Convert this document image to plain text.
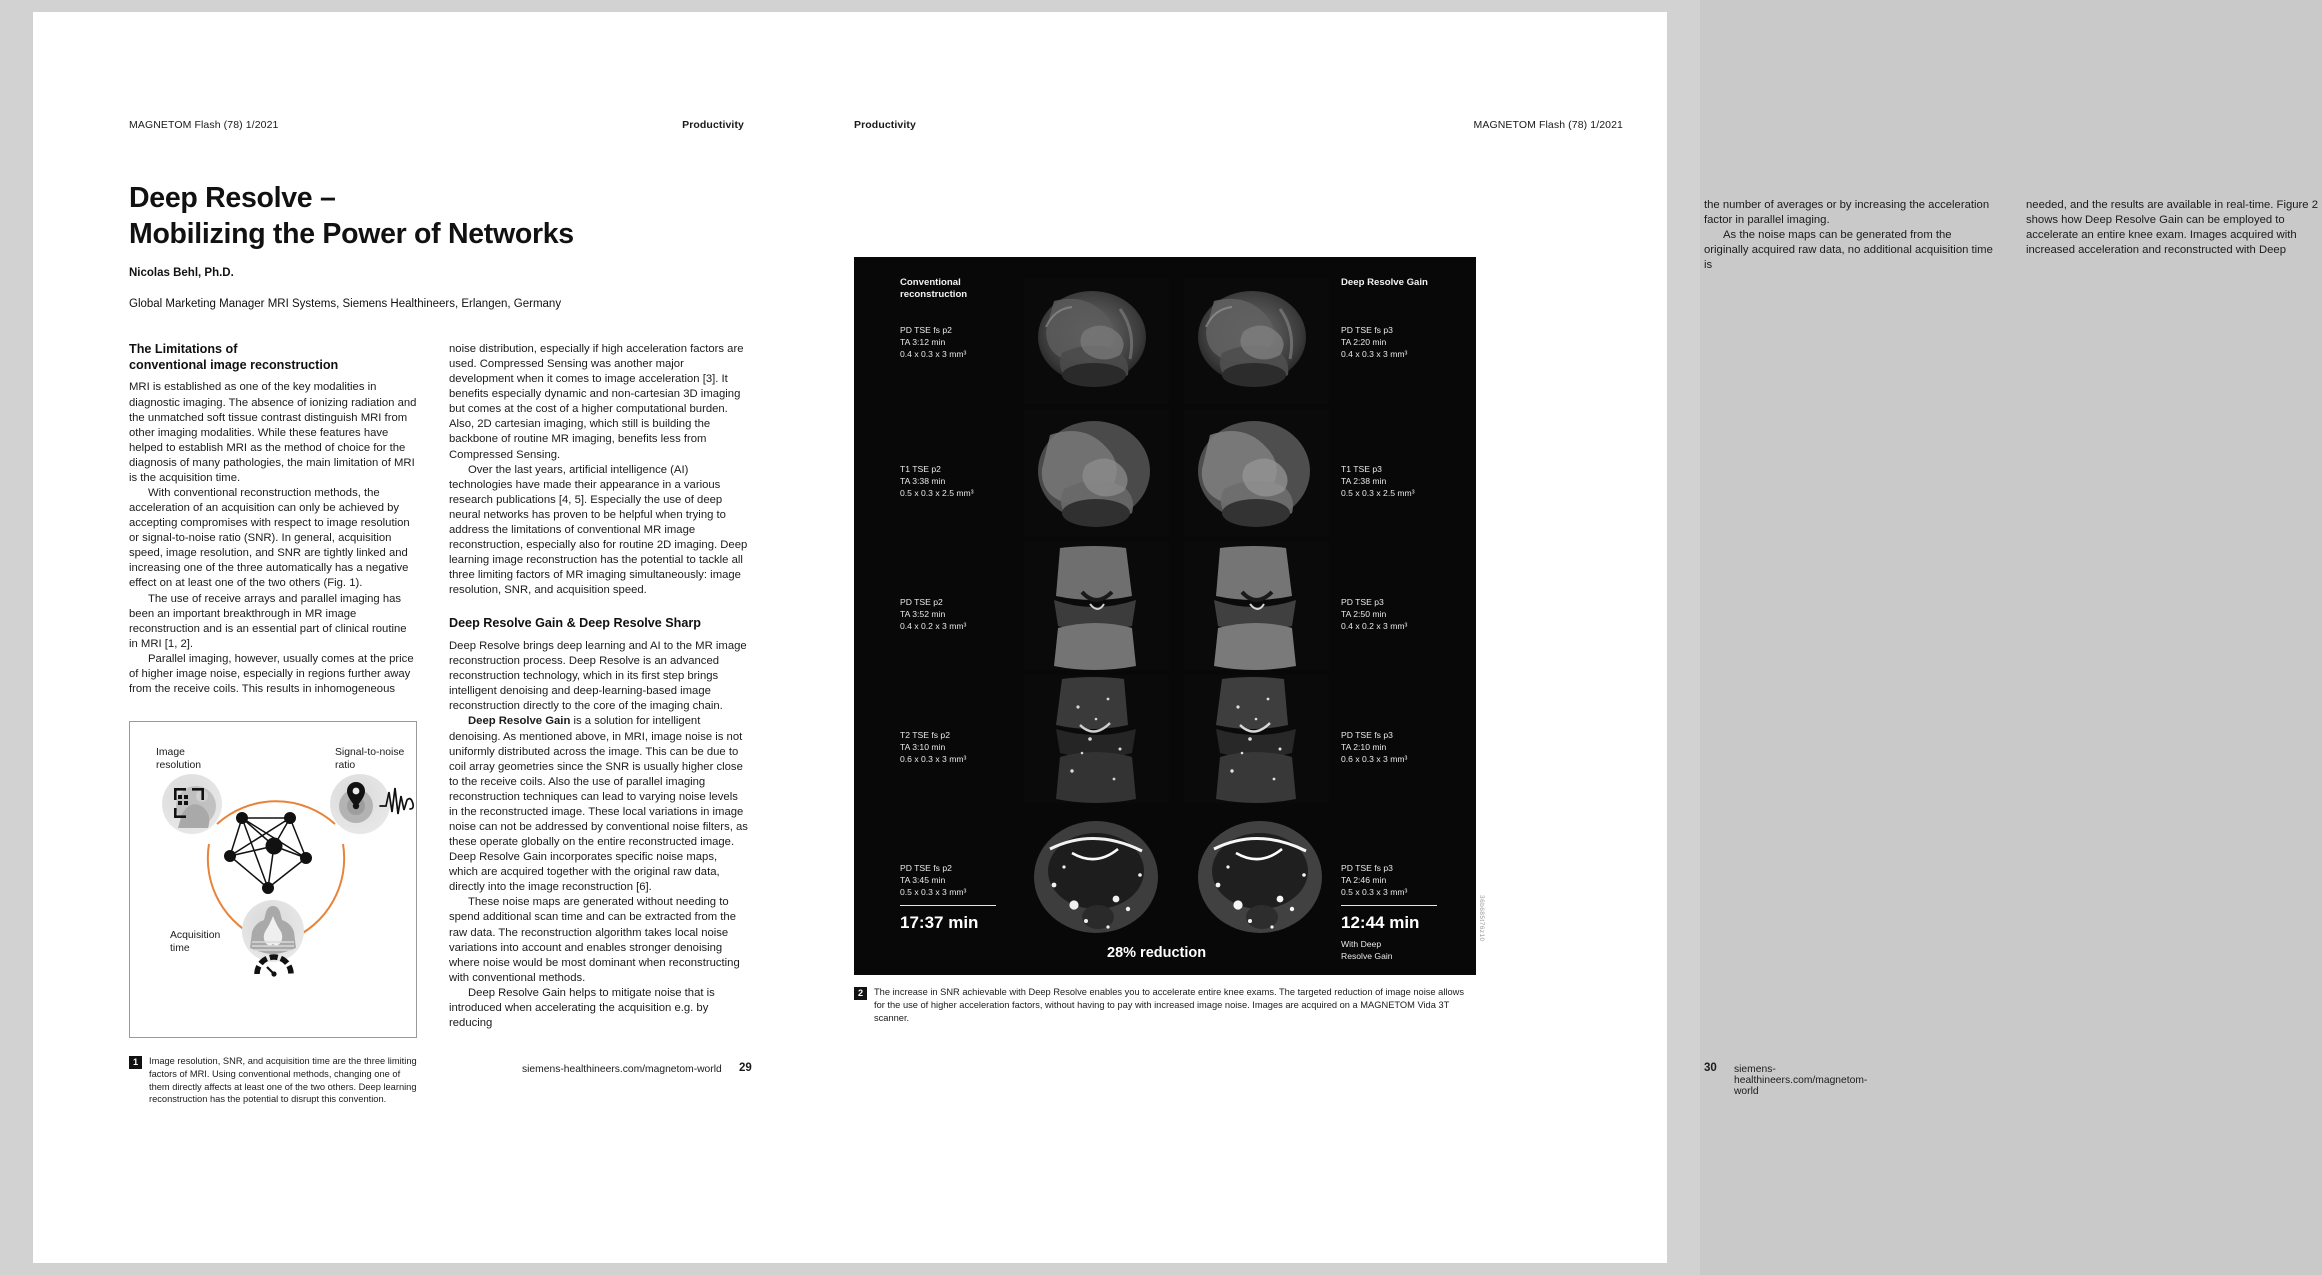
MAGNETOM Flash (78) 1/2021	Productivity
Deep Resolve –
Mobilizing the Power of Networks
Nicolas Behl, Ph.D.
Global Marketing Manager MRI Systems, Siemens Healthineers, Erlangen, Germany
The Limitations of
conventional image reconstruction

MRI is established as one of the key modalities in diagnostic imaging. The absence of ionizing radiation and the unmatched soft tissue contrast distinguish MRI from other imaging modalities. While these features have helped to establish MRI as the method of choice for the diagnosis of many pathologies, the main limitation of MRI is the acquisition time.

With conventional reconstruction methods, the acceleration of an acquisition can only be achieved by accepting compromises with respect to image resolution or signal-to-noise ratio (SNR). In general, acquisition speed, image resolution, and SNR are tightly linked and increasing one of the three automatically has a negative effect on at least one of the two others (Fig. 1).

The use of receive arrays and parallel imaging has been an important breakthrough in MR image reconstruction and is an essential part of clinical routine in MRI [1, 2].

Parallel imaging, however, usually comes at the price of higher image noise, especially in regions further away from the receive coils. This results in inhomogeneous

noise distribution, especially if high acceleration factors are used. Compressed Sensing was another major development when it comes to image acceleration [3]. It benefits especially dynamic and non-cartesian 3D imaging but comes at the cost of a higher computational burden. Also, 2D cartesian imaging, which still is building the backbone of routine MR imaging, benefits less from Compressed Sensing.

Over the last years, artificial intelligence (AI) technologies have made their appearance in a various research publications [4, 5]. Especially the use of deep neural networks has proven to be helpful when trying to address the limitations of conventional MR image reconstruction, especially also for routine 2D imaging. Deep learning image reconstruction has the potential to tackle all three limiting factors of MR imaging simultaneously: image resolution, SNR, and acquisition speed.

Deep Resolve Gain & Deep Resolve Sharp

Deep Resolve brings deep learning and AI to the MR image reconstruction process. Deep Resolve is an advanced reconstruction technology, which in its first step brings intelligent denoising and deep-learning-based image reconstruction directly to the core of the imaging chain.

Deep Resolve Gain is a solution for intelligent denoising. As mentioned above, in MRI, image noise is not uniformly distributed across the image. This can be due to coil array geometries since the SNR is usually higher close to the receive coils. Also the use of parallel imaging reconstruction techniques can lead to varying noise levels in the reconstructed image. These local variations in image noise can not be addressed by conventional noise filters, as these operate globally on the entire reconstructed image. Deep Resolve Gain incorporates specific noise maps, which are acquired together with the original raw data, directly into the image reconstruction [6].

These noise maps are generated without needing to spend additional scan time and can be extracted from the raw data. The reconstruction algorithm takes local noise variations into account and enables stronger denoising where noise would be most dominant when reconstructing with conventional methods.

Deep Resolve Gain helps to mitigate noise that is introduced when accelerating the acquisition e.g. by reducing

Image
resolution
Signal-to-noise
ratio
Acquisition
time
1	Image resolution, SNR, and acquisition time are the three limiting factors of MRI. Using conventional methods, changing one of them directly affects at least one of the two others. Deep learning reconstruction has the potential to disrupt this convention.
siemens-healthineers.com/magnetom-world 29
Productivity	MAGNETOM Flash (78) 1/2021

the number of averages or by increasing the acceleration factor in parallel imaging.

As the noise maps can be generated from the originally acquired raw data, no additional acquisition time is

needed, and the results are available in real-time. Figure 2 shows how Deep Resolve Gain can be employed to accelerate an entire knee exam. Images acquired with increased acceleration and reconstructed with Deep

30 siemens-healthineers.com/magnetom-world
Conventional
reconstruction
Deep Resolve Gain
PD TSE fs p2
TA 3:12 min
0.4 x 0.3 x 3 mm³
PD TSE fs p3
TA 2:20 min
0.4 x 0.3 x 3 mm³
T1 TSE p2
TA 3:38 min
0.5 x 0.3 x 2.5 mm³
T1 TSE p3
TA 2:38 min
0.5 x 0.3 x 2.5 mm³
PD TSE p2
TA 3:52 min
0.4 x 0.2 x 3 mm³
PD TSE p3
TA 2:50 min
0.4 x 0.2 x 3 mm³
T2 TSE fs p2
TA 3:10 min
0.6 x 0.3 x 3 mm³
PD TSE fs p3
TA 2:10 min
0.6 x 0.3 x 3 mm³
PD TSE fs p2
TA 3:45 min
0.5 x 0.3 x 3 mm³
PD TSE fs p3
TA 2:46 min
0.5 x 0.3 x 3 mm³
17:37 min	12:44 min
With Deep
Resolve Gain
28% reduction
36b685t76z10
2	The increase in SNR achievable with Deep Resolve enables you to accelerate entire knee exams. The targeted reduction of image noise allows for the use of higher acceleration factors, without having to pay with increased image noise. Images are acquired on a MAGNETOM Vida 3T scanner.
